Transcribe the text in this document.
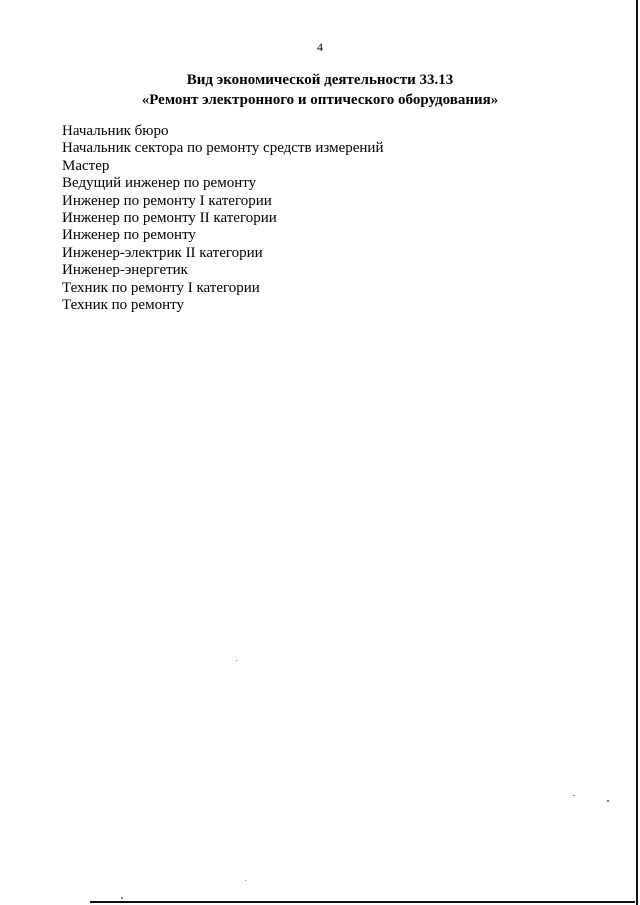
4
Вид экономической деятельности 33.13
«Ремонт электронного и оптического оборудования»
Начальник бюро
Начальник сектора по ремонту средств измерений
Мастер
Ведущий инженер по ремонту
Инженер по ремонту I категории
Инженер по ремонту II категории
Инженер по ремонту
Инженер-электрик II категории
Инженер-энергетик
Техник по ремонту I категории
Техник по ремонту
